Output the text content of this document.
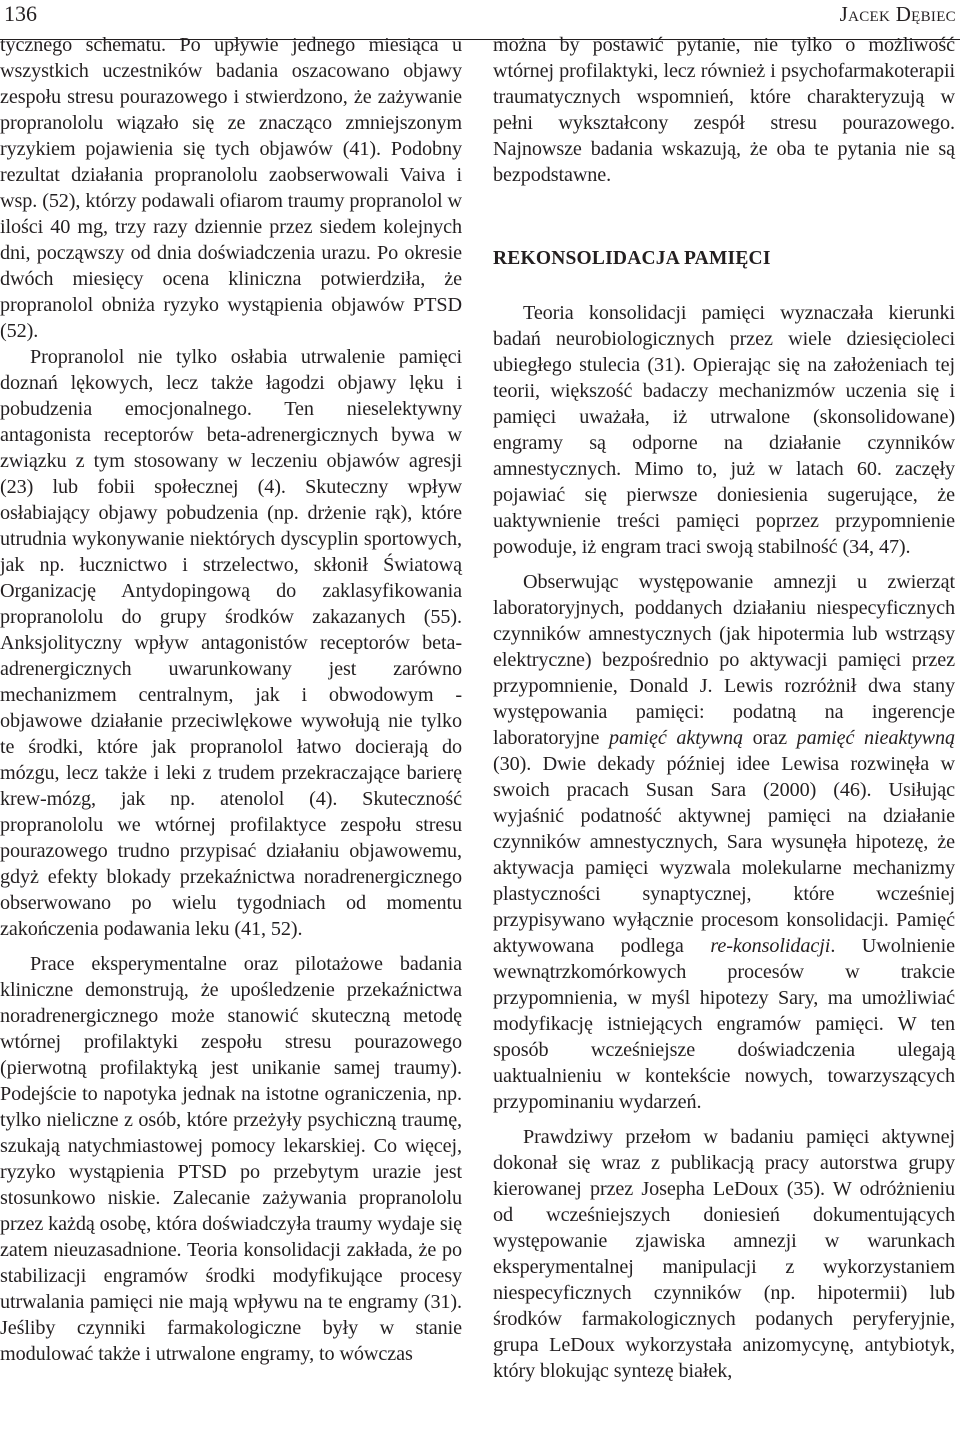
136	Jacek Dębiec

tycznego schematu. Po upływie jednego miesiąca u wszystkich uczestników badania oszacowano objawy zespołu stresu pourazowego i stwierdzono, że zażywanie propranololu wiązało się ze znacząco zmniejszonym ryzykiem pojawienia się tych objawów (41). Podobny rezultat działania propranololu zaobserwowali Vaiva i wsp. (52), którzy podawali ofiarom traumy propranolol w ilości 40 mg, trzy razy dziennie przez siedem kolejnych dni, począwszy od dnia doświadczenia urazu. Po okresie dwóch miesięcy ocena kliniczna potwierdziła, że propranolol obniża ryzyko wystąpienia objawów PTSD (52).

Propranolol nie tylko osłabia utrwalenie pamięci doznań lękowych, lecz także łagodzi objawy lęku i pobudzenia emocjonalnego. Ten nieselektywny antagonista receptorów beta-adrenergicznych bywa w związku z tym stosowany w leczeniu objawów agresji (23) lub fobii społecznej (4). Skuteczny wpływ osłabiający objawy pobudzenia (np. drżenie rąk), które utrudnia wykonywanie niektórych dyscyplin sportowych, jak np. łucznictwo i strzelectwo, skłonił Światową Organizację Antydopingową do zaklasyfikowania propranololu do grupy środków zakazanych (55). Anksjolityczny wpływ antagonistów receptorów beta-adrenergicznych uwarunkowany jest zarówno mechanizmem centralnym, jak i obwodowym - objawowe działanie przeciwlękowe wywołują nie tylko te środki, które jak propranolol łatwo docierają do mózgu, lecz także i leki z trudem przekraczające barierę krew-mózg, jak np. atenolol (4). Skuteczność propranololu we wtórnej profilaktyce zespołu stresu pourazowego trudno przypisać działaniu objawowemu, gdyż efekty blokady przekaźnictwa noradrenergicznego obserwowano po wielu tygodniach od momentu zakończenia podawania leku (41, 52).

Prace eksperymentalne oraz pilotażowe badania kliniczne demonstrują, że upośledzenie przekaźnictwa noradrenergicznego może stanowić skuteczną metodę wtórnej profilaktyki zespołu stresu pourazowego (pierwotną profilaktyką jest unikanie samej traumy). Podejście to napotyka jednak na istotne ograniczenia, np. tylko nieliczne z osób, które przeżyły psychiczną traumę, szukają natychmiastowej pomocy lekarskiej. Co więcej, ryzyko wystąpienia PTSD po przebytym urazie jest stosunkowo niskie. Zalecanie zażywania propranololu przez każdą osobę, która doświadczyła traumy wydaje się zatem nieuzasadnione. Teoria konsolidacji zakłada, że po stabilizacji engramów środki modyfikujące procesy utrwalania pamięci nie mają wpływu na te engramy (31). Jeśliby czynniki farmakologiczne były w stanie modulować także i utrwalone engramy, to wówczas

można by postawić pytanie, nie tylko o możliwość wtórnej profilaktyki, lecz również i psychofarmakoterapii traumatycznych wspomnień, które charakteryzują w pełni wykształcony zespół stresu pourazowego. Najnowsze badania wskazują, że oba te pytania nie są bezpodstawne.

REKONSOLIDACJA PAMIĘCI

Teoria konsolidacji pamięci wyznaczała kierunki badań neurobiologicznych przez wiele dziesięcioleci ubiegłego stulecia (31). Opierając się na założeniach tej teorii, większość badaczy mechanizmów uczenia się i pamięci uważała, iż utrwalone (skonsolidowane) engramy są odporne na działanie czynników amnestycznych. Mimo to, już w latach 60. zaczęły pojawiać się pierwsze doniesienia sugerujące, że uaktywnienie treści pamięci poprzez przypomnienie powoduje, iż engram traci swoją stabilność (34, 47).

Obserwując występowanie amnezji u zwierząt laboratoryjnych, poddanych działaniu niespecyficznych czynników amnestycznych (jak hipotermia lub wstrząsy elektryczne) bezpośrednio po aktywacji pamięci przez przypomnienie, Donald J. Lewis rozróżnił dwa stany występowania pamięci: podatną na ingerencje laboratoryjne pamięć aktywną oraz pamięć nieaktywną (30). Dwie dekady później idee Lewisa rozwinęła w swoich pracach Susan Sara (2000) (46). Usiłując wyjaśnić podatność aktywnej pamięci na działanie czynników amnestycznych, Sara wysunęła hipotezę, że aktywacja pamięci wyzwala molekularne mechanizmy plastyczności synaptycznej, które wcześniej przypisywano wyłącznie procesom konsolidacji. Pamięć aktywowana podlega re-konsolidacji. Uwolnienie wewnątrzkomórkowych procesów w trakcie przypomnienia, w myśl hipotezy Sary, ma umożliwiać modyfikację istniejących engramów pamięci. W ten sposób wcześniejsze doświadczenia ulegają uaktualnieniu w kontekście nowych, towarzyszących przypominaniu wydarzeń.

Prawdziwy przełom w badaniu pamięci aktywnej dokonał się wraz z publikacją pracy autorstwa grupy kierowanej przez Josepha LeDoux (35). W odróżnieniu od wcześniejszych doniesień dokumentujących występowanie zjawiska amnezji w warunkach eksperymentalnej manipulacji z wykorzystaniem niespecyficznych czynników (np. hipotermii) lub środków farmakologicznych podanych peryferyjnie, grupa LeDoux wykorzystała anizomycynę, antybiotyk, który blokując syntezę białek,
